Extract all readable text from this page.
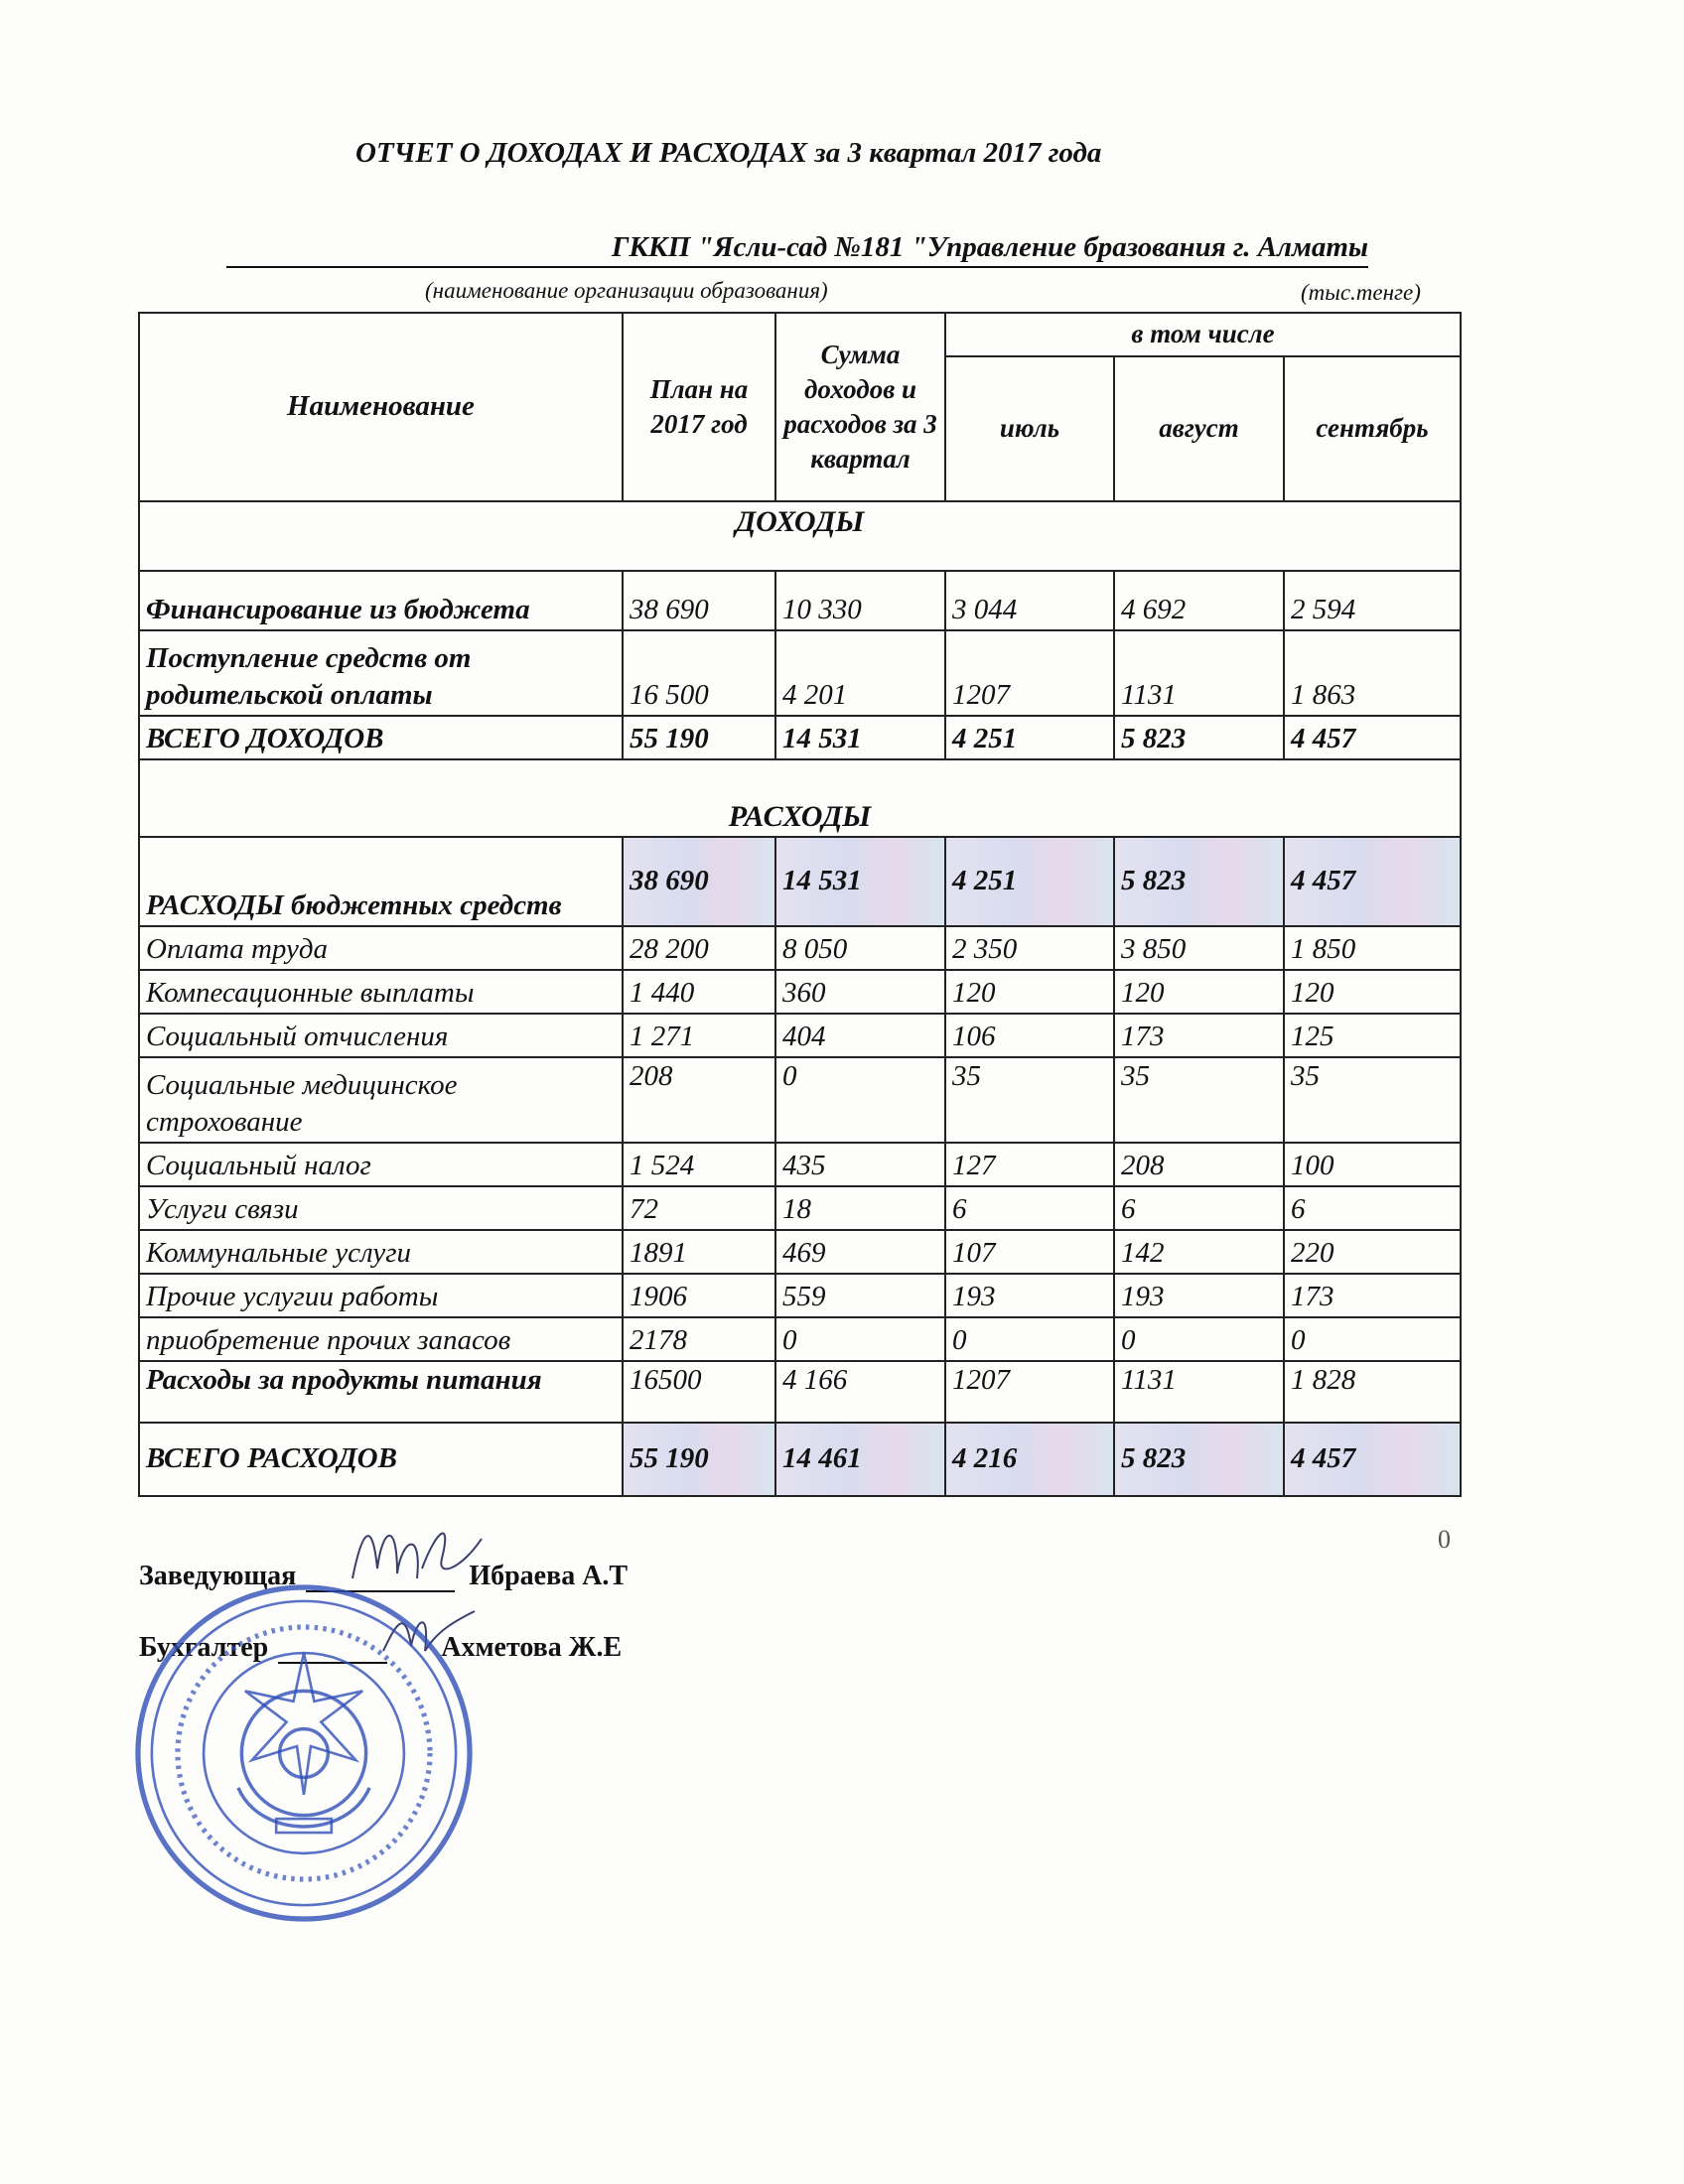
ОТЧЕТ О ДОХОДАХ И РАСХОДАХ за 3 квартал 2017 года
ГККП "Ясли-сад №181 "Управление бразования г. Алматы
(наименование организации образования)	(тыс.тенге)
Наименование	План на 2017 год	Сумма доходов и расходов за 3 квартал	в том числе		
			июль	август	сентябрь
ДОХОДЫ					
Финансирование из бюджета	38 690	10 330	3 044	4 692	2 594
Поступление средств от родительской оплаты	16 500	4 201	1207	1131	1 863
ВСЕГО ДОХОДОВ	55 190	14 531	4 251	5 823	4 457
РАСХОДЫ					
РАСХОДЫ бюджетных средств	38 690	14 531	4 251	5 823	4 457
Оплата труда	28 200	8 050	2 350	3 850	1 850
Компесационные выплаты	1 440	360	120	120	120
Социальный отчисления	1 271	404	106	173	125
Социальные медицинское строхование	208	0	35	35	35
Социальный налог	1 524	435	127	208	100
Услуги связи	72	18	6	6	6
Коммунальные услуги	1891	469	107	142	220
Прочие услугии работы	1906	559	193	193	173
приобретение прочих запасов	2178	0	0	0	0
Расходы за продукты питания	16500	4 166	1207	1131	1 828
ВСЕГО РАСХОДОВ	55 190	14 461	4 216	5 823	4 457
0
Заведующая	Ибраева А.Т
Бухгалтер	Ахметова Ж.Е
